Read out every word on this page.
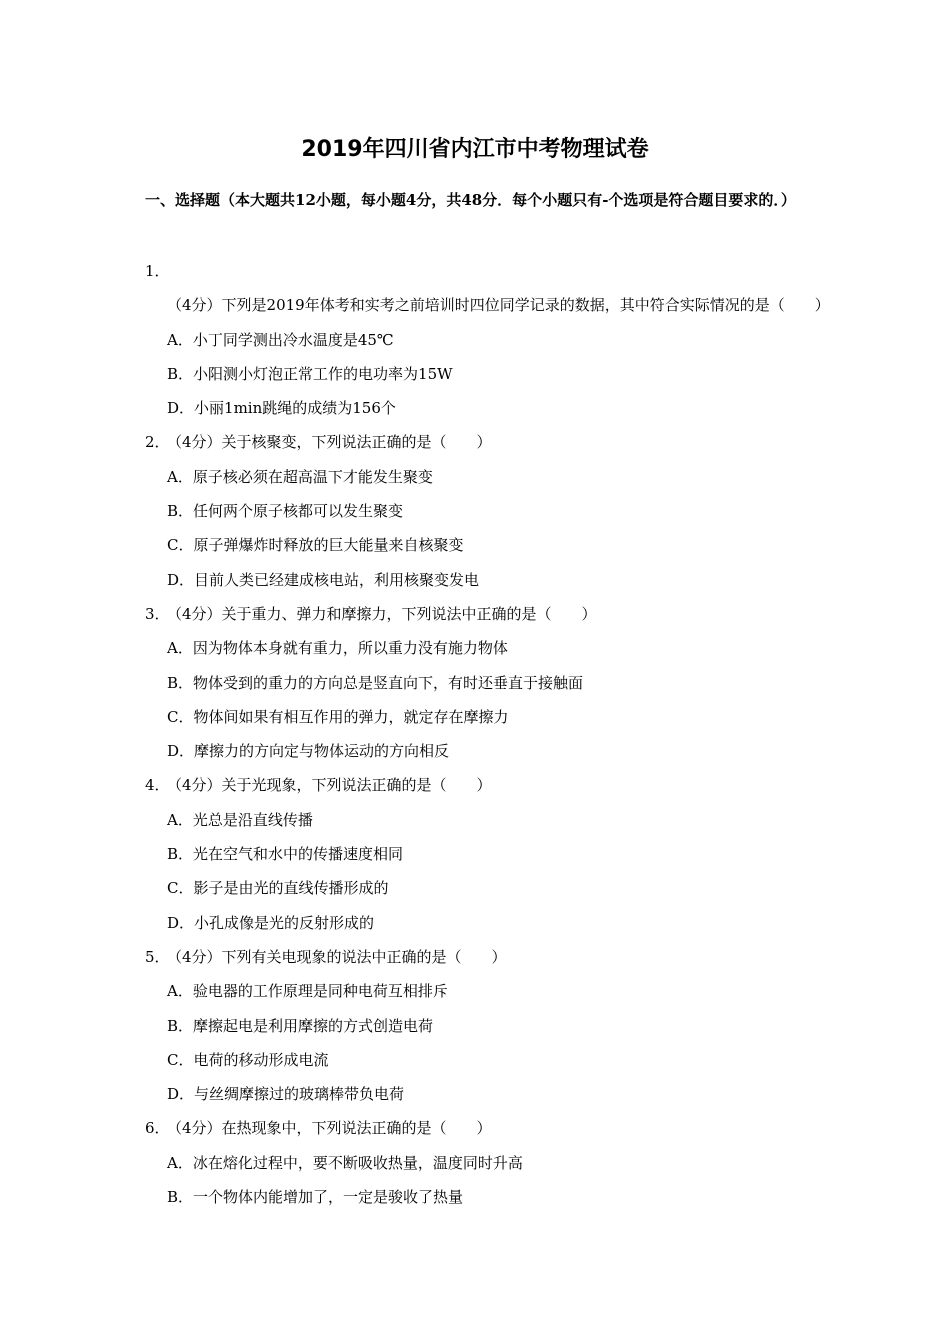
2019年四川省内江市中考物理试卷

一、选择题（本大题共12小题，每小题4分，共48分．每个小题只有-个选项是符合题目要求的．）

1．（4分）下列是2019年体考和实考之前培训时四位同学记录的数据，其中符合实际情况的是（　　）
A．小丁同学测出冷水温度是45℃
B．小阳测小灯泡正常工作的电功率为15W
D．小丽1min跳绳的成绩为156个
2．（4分）关于核聚变，下列说法正确的是（　　）
A．原子核必须在超高温下才能发生聚变
B．任何两个原子核都可以发生聚变
C．原子弹爆炸时释放的巨大能量来自核聚变
D．目前人类已经建成核电站，利用核聚变发电
3．（4分）关于重力、弹力和摩擦力，下列说法中正确的是（　　）
A．因为物体本身就有重力，所以重力没有施力物体
B．物体受到的重力的方向总是竖直向下，有时还垂直于接触面
C．物体间如果有相互作用的弹力，就定存在摩擦力
D．摩擦力的方向定与物体运动的方向相反
4．（4分）关于光现象，下列说法正确的是（　　）
A．光总是沿直线传播
B．光在空气和水中的传播速度相同
C．影子是由光的直线传播形成的
D．小孔成像是光的反射形成的
5．（4分）下列有关电现象的说法中正确的是（　　）
A．验电器的工作原理是同种电荷互相排斥
B．摩擦起电是利用摩擦的方式创造电荷
C．电荷的移动形成电流
D．与丝绸摩擦过的玻璃棒带负电荷
6．（4分）在热现象中，下列说法正确的是（　　）
A．冰在熔化过程中，要不断吸收热量，温度同时升高
B．一个物体内能增加了，一定是骏收了热量
